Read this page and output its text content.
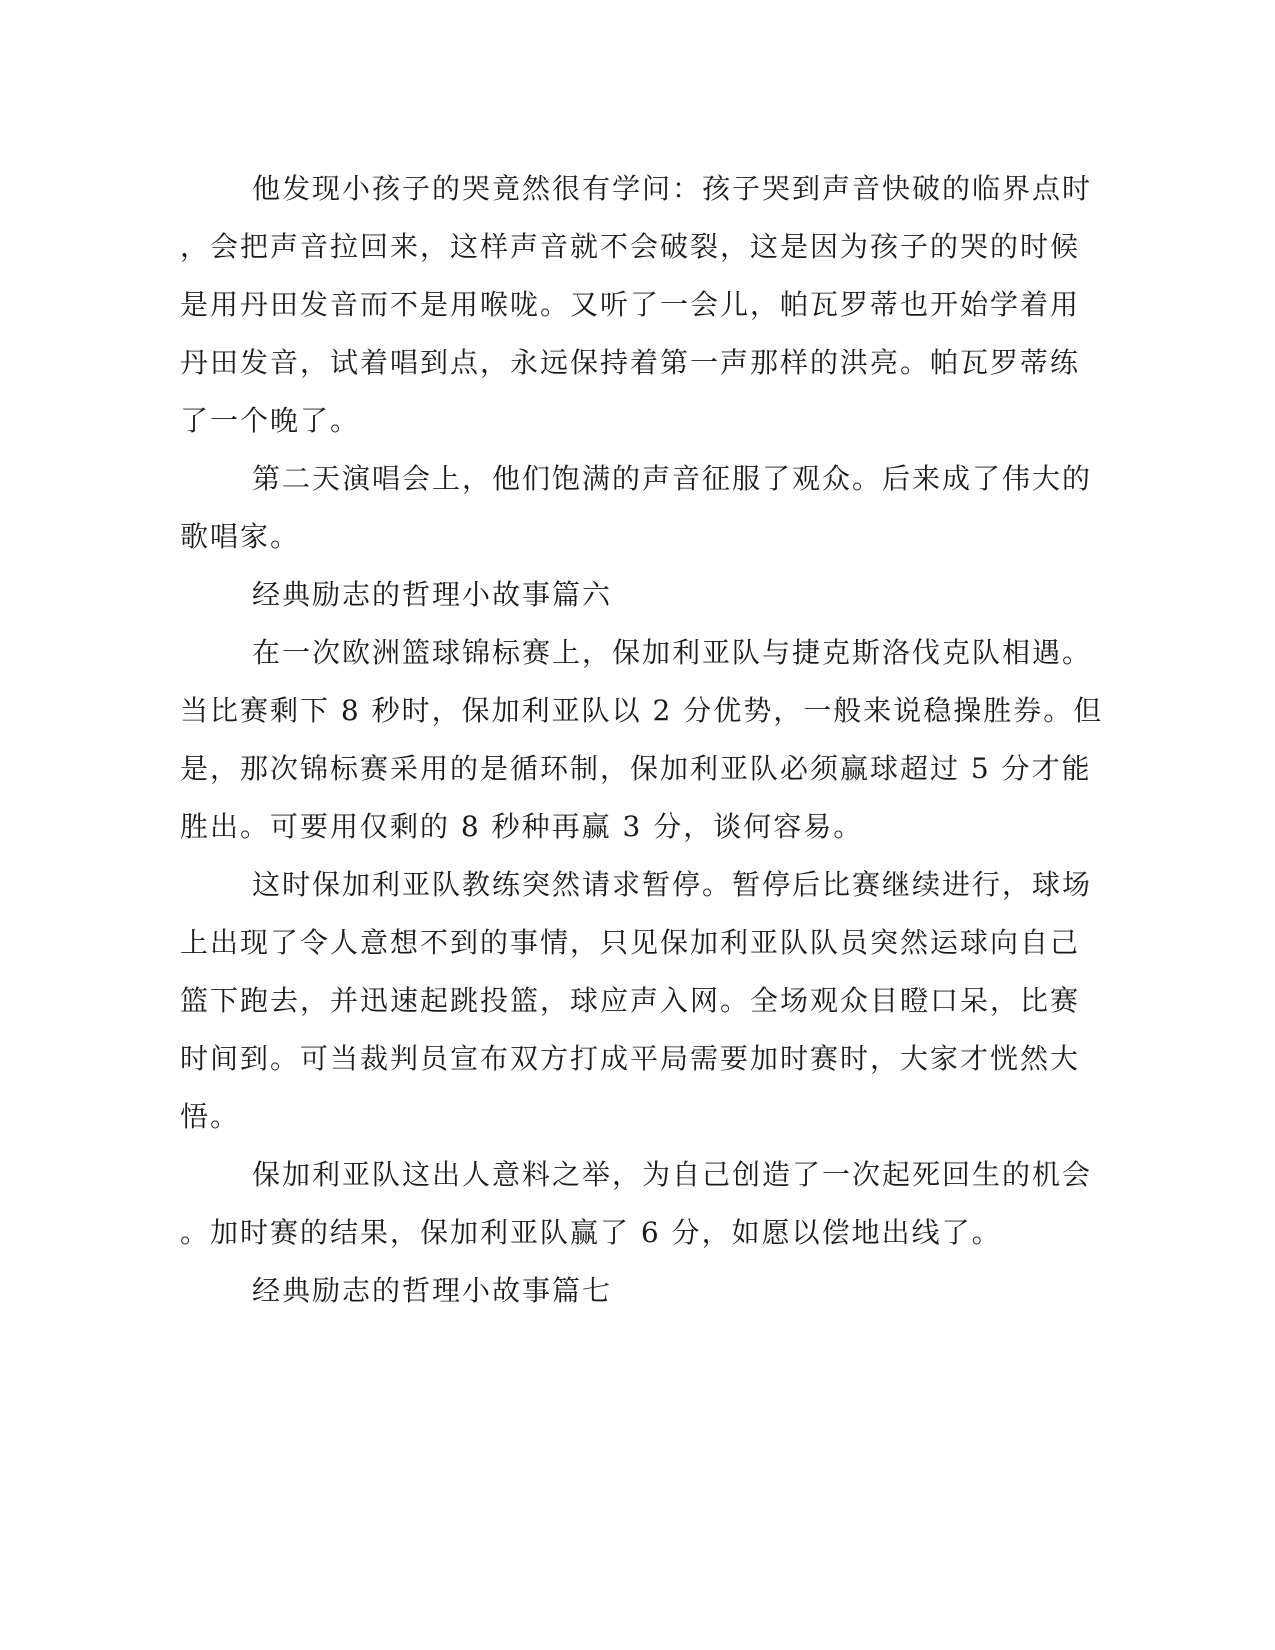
他发现小孩子的哭竟然很有学问：孩子哭到声音快破的临界点时
，会把声音拉回来，这样声音就不会破裂，这是因为孩子的哭的时候
是用丹田发音而不是用喉咙。又听了一会儿，帕瓦罗蒂也开始学着用
丹田发音，试着唱到点，永远保持着第一声那样的洪亮。帕瓦罗蒂练
了一个晚了。
第二天演唱会上，他们饱满的声音征服了观众。后来成了伟大的
歌唱家。
经典励志的哲理小故事篇六
在一次欧洲篮球锦标赛上，保加利亚队与捷克斯洛伐克队相遇。
当比赛剩下 8 秒时，保加利亚队以 2 分优势，一般来说稳操胜券。但
是，那次锦标赛采用的是循环制，保加利亚队必须赢球超过 5 分才能
胜出。可要用仅剩的 8 秒种再赢 3 分，谈何容易。
这时保加利亚队教练突然请求暂停。暂停后比赛继续进行，球场
上出现了令人意想不到的事情，只见保加利亚队队员突然运球向自己
篮下跑去，并迅速起跳投篮，球应声入网。全场观众目瞪口呆，比赛
时间到。可当裁判员宣布双方打成平局需要加时赛时，大家才恍然大
悟。
保加利亚队这出人意料之举，为自己创造了一次起死回生的机会
。加时赛的结果，保加利亚队赢了 6 分，如愿以偿地出线了。
经典励志的哲理小故事篇七
